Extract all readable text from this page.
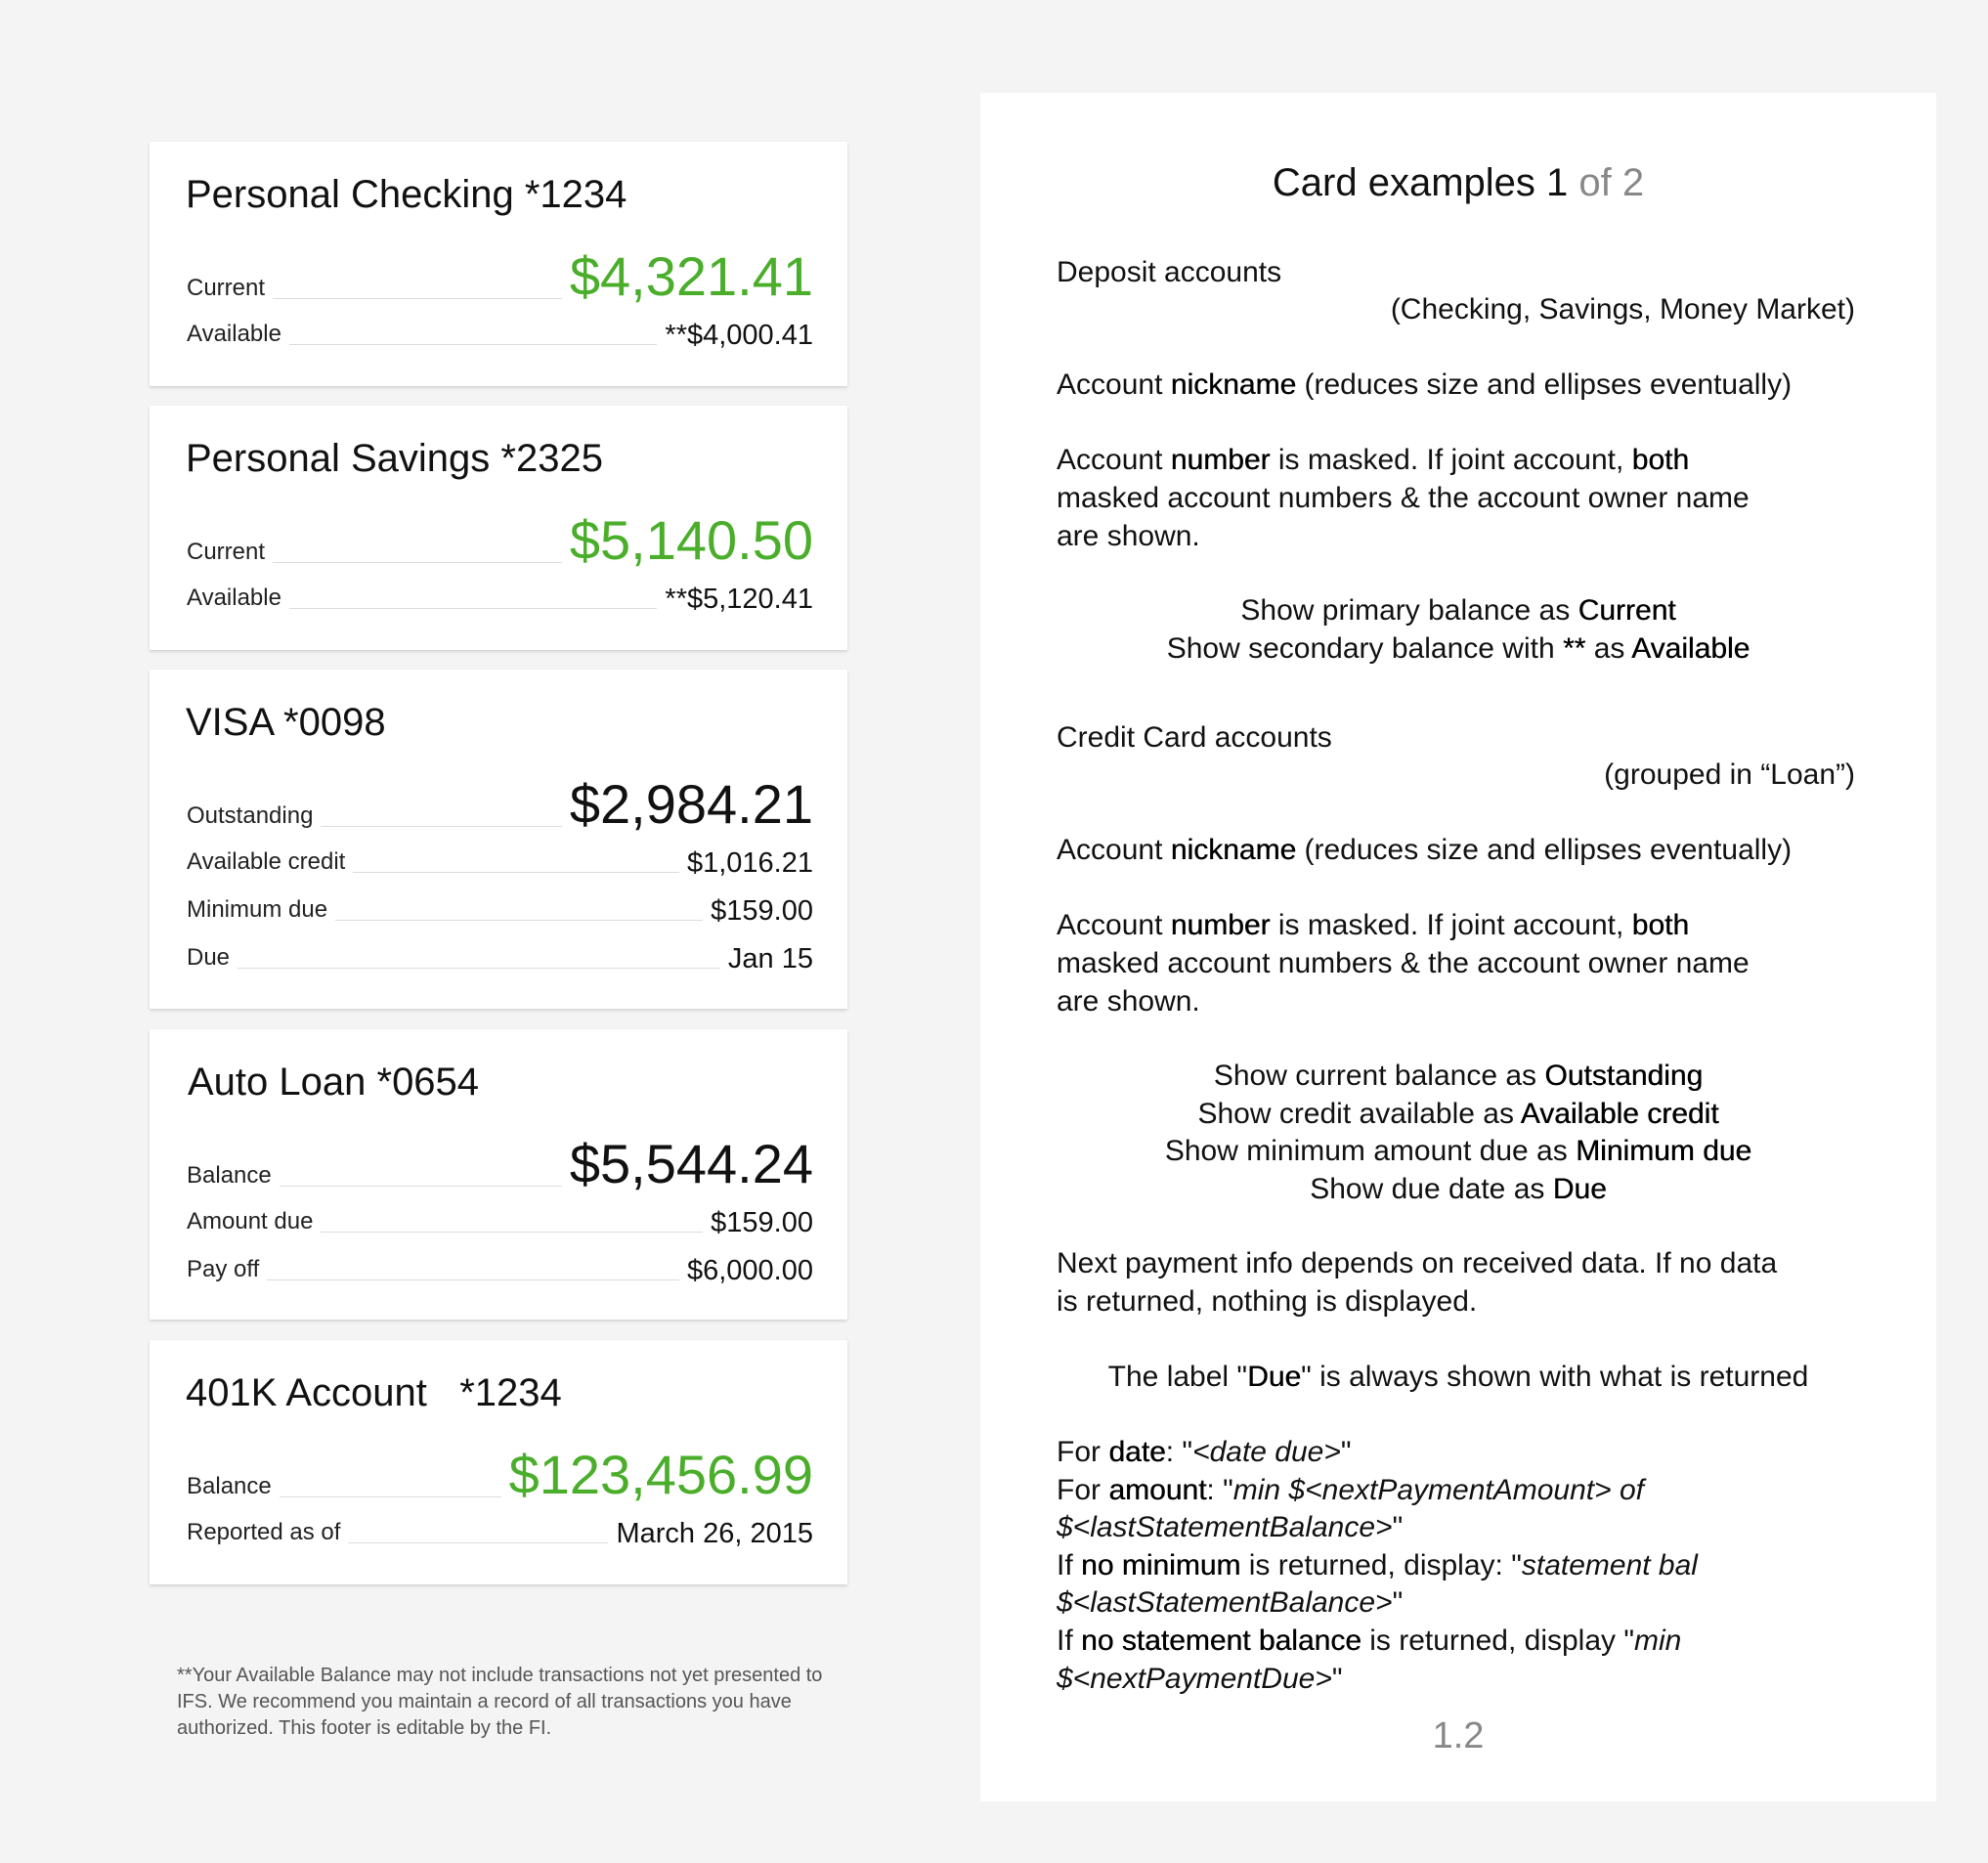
Personal Checking *1234
Current	$4,321.41
Available	**$4,000.41
Personal Savings *2325
Current	$5,140.50
Available	**$5,120.41
VISA *0098
Outstanding	$2,984.21
Available credit	$1,016.21
Minimum due	$159.00
Due	Jan 15
Auto Loan *0654
Balance	$5,544.24
Amount due	$159.00
Pay off	$6,000.00
401K Account   *1234
Balance	$123,456.99
Reported as of	March 26, 2015
**Your Available Balance may not include transactions not yet presented to IFS. We recommend you maintain a record of all transactions you have authorized. This footer is editable by the FI.
Card examples 1 of 2
Deposit accounts
(Checking, Savings, Money Market)
Account nickname (reduces size and ellipses eventually)
Account number is masked. If joint account, both
masked account numbers & the account owner name
are shown.
Show primary balance as Current
Show secondary balance with ** as Available
Credit Card accounts
(grouped in “Loan”)
Account nickname (reduces size and ellipses eventually)
Account number is masked. If joint account, both
masked account numbers & the account owner name
are shown.
Show current balance as Outstanding
Show credit available as Available credit
Show minimum amount due as Minimum due
Show due date as Due
Next payment info depends on received data. If no data
is returned, nothing is displayed.
The label "Due" is always shown with what is returned
For date: "<date due>"
For amount: "min $<nextPaymentAmount> of
$<lastStatementBalance>"
If no minimum is returned, display: "statement bal
$<lastStatementBalance>"
If no statement balance is returned, display "min
$<nextPaymentDue>"
1.2
